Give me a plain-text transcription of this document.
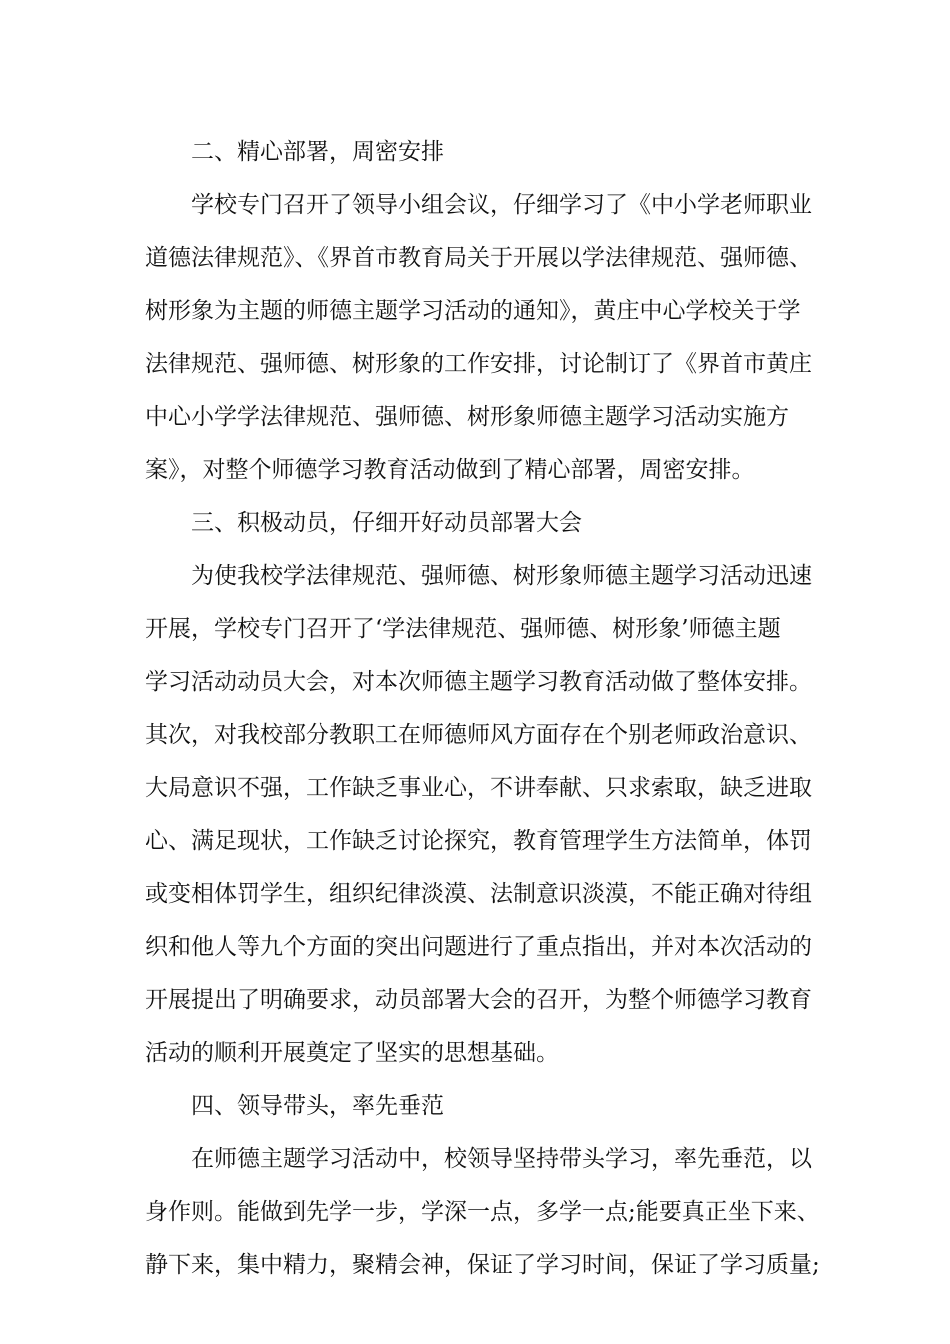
二、精心部署，周密安排
学校专门召开了领导小组会议，仔细学习了《中小学老师职业
道德法律规范》、《界首市教育局关于开展以学法律规范、强师德、
树形象为主题的师德主题学习活动的通知》，黄庄中心学校关于学
法律规范、强师德、树形象的工作安排，讨论制订了《界首市黄庄
中心小学学法律规范、强师德、树形象师德主题学习活动实施方
案》，对整个师德学习教育活动做到了精心部署，周密安排。
三、积极动员，仔细开好动员部署大会
为使我校学法律规范、强师德、树形象师德主题学习活动迅速
开展，学校专门召开了‘学法律规范、强师德、树形象’师德主题
学习活动动员大会，对本次师德主题学习教育活动做了整体安排。
其次，对我校部分教职工在师德师风方面存在个别老师政治意识、
大局意识不强，工作缺乏事业心，不讲奉献、只求索取，缺乏进取
心、满足现状，工作缺乏讨论探究，教育管理学生方法简单，体罚
或变相体罚学生，组织纪律淡漠、法制意识淡漠，不能正确对待组
织和他人等九个方面的突出问题进行了重点指出，并对本次活动的
开展提出了明确要求，动员部署大会的召开，为整个师德学习教育
活动的顺利开展奠定了坚实的思想基础。
四、领导带头，率先垂范
在师德主题学习活动中，校领导坚持带头学习，率先垂范，以
身作则。能做到先学一步，学深一点，多学一点;能要真正坐下来、
静下来，集中精力，聚精会神，保证了学习时间，保证了学习质量;
